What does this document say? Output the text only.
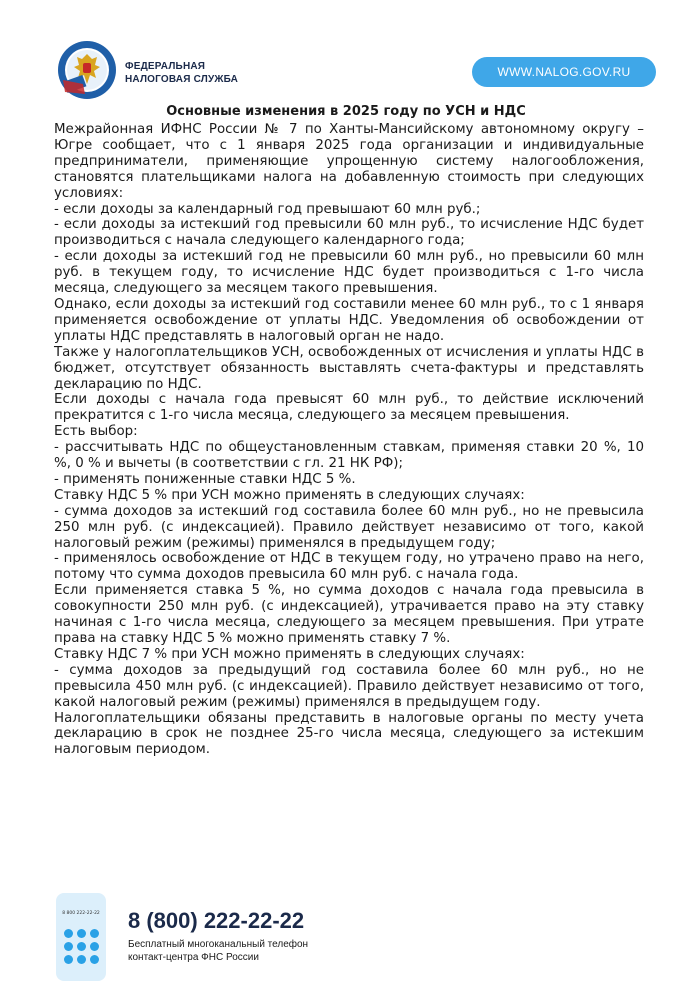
ФЕДЕРАЛЬНАЯ
НАЛОГОВАЯ СЛУЖБА
WWW.NALOG.GOV.RU
Основные изменения в 2025 году по УСН и НДС

Межрайонная ИФНС России № 7 по Ханты-Мансийскому автономному округу – Югре сообщает, что с 1 января 2025 года организации и индивидуальные предприниматели, применяющие упрощенную систему налогообложения, становятся плательщиками налога на добавленную стоимость при следующих условиях:

- если доходы за календарный год превышают 60 млн руб.;

- если доходы за истекший год превысили 60 млн руб., то исчисление НДС будет производиться с начала следующего календарного года;

- если доходы за истекший год не превысили 60 млн руб., но превысили 60 млн руб. в текущем году, то исчисление НДС будет производиться с 1-го числа месяца, следующего за месяцем такого превышения.

Однако, если доходы за истекший год составили менее 60 млн руб., то с 1 января применяется освобождение от уплаты НДС. Уведомления об освобождении от уплаты НДС представлять в налоговый орган не надо.

Также у налогоплательщиков УСН, освобожденных от исчисления и уплаты НДС в бюджет, отсутствует обязанность выставлять счета-фактуры и представлять декларацию по НДС.

Если доходы с начала года превысят 60 млн руб., то действие исключений прекратится с 1-го числа месяца, следующего за месяцем превышения.

Есть выбор:

- рассчитывать НДС по общеустановленным ставкам, применяя ставки 20 %, 10 %, 0 % и вычеты (в соответствии с гл. 21 НК РФ);

- применять пониженные ставки НДС 5 %.

Ставку НДС 5 % при УСН можно применять в следующих случаях:

- сумма доходов за истекший год составила более 60 млн руб., но не превысила 250 млн руб. (с индексацией). Правило действует независимо от того, какой налоговый режим (режимы) применялся в предыдущем году;

- применялось освобождение от НДС в текущем году, но утрачено право на него, потому что сумма доходов превысила 60 млн руб. с начала года.

Если применяется ставка 5 %, но сумма доходов с начала года превысила в совокупности 250 млн руб. (с индексацией), утрачивается право на эту ставку начиная с 1-го числа месяца, следующего за месяцем превышения. При утрате права на ставку НДС 5 % можно применять ставку 7 %.

Ставку НДС 7 % при УСН можно применять в следующих случаях:

- сумма доходов за предыдущий год составила более 60 млн руб., но не превысила 450 млн руб. (с индексацией). Правило действует независимо от того, какой налоговый режим (режимы) применялся в предыдущем году.

Налогоплательщики обязаны представить в налоговые органы по месту учета декларацию в срок не позднее 25-го числа месяца, следующего за истекшим налоговым периодом.

8 800 222-22-22 8 (800) 222-22-22
Бесплатный многоканальный телефон
контакт-центра ФНС России
